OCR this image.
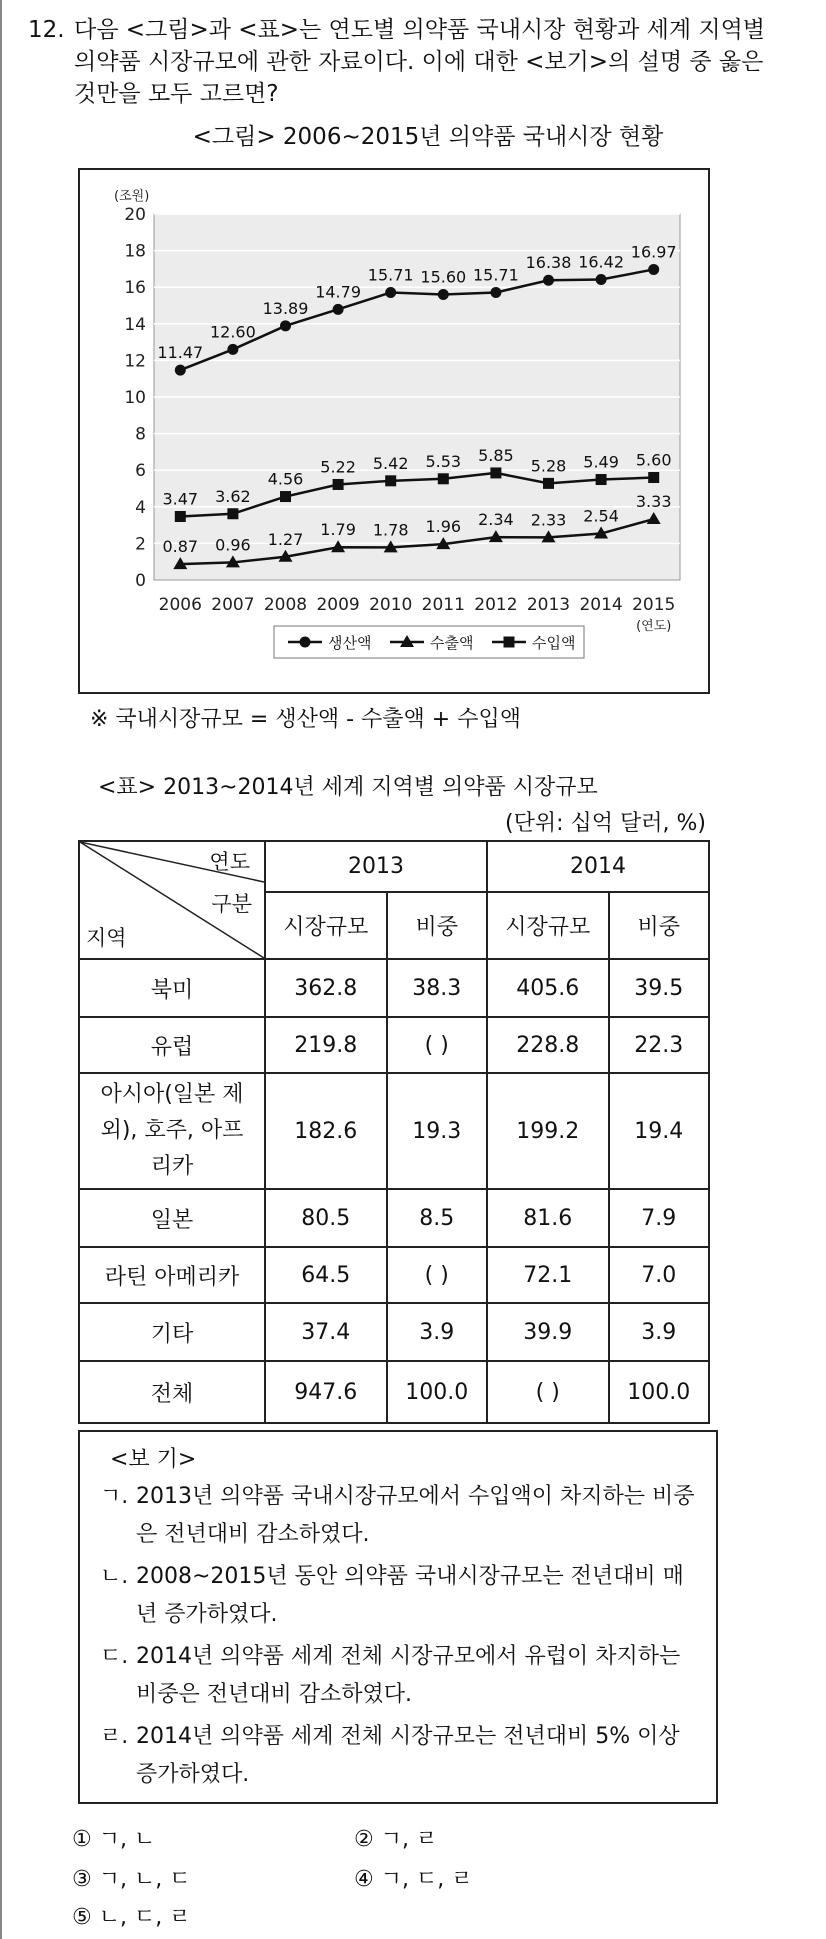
12. 다음 <그림>과 <표>는 연도별 의약품 국내시장 현황과 세계 지역별 의약품 시장규모에 관한 자료이다. 이에 대한 <보기>의 설명 중 옳은 것만을 모두 고르면?
<그림> 2006~2015년 의약품 국내시장 현황
0
2
4
6
8
10
12
14
16
18
20
(조원)
2006 2007 2008 2009 2010 2011 2012 2013 2014 2015
(연도)
11.47
12.60
13.89
14.79
15.71 15.60 15.71
16.38 16.42
16.97
0.87 0.96 1.27
1.79 1.78 1.96 2.34 2.33 2.54
3.33
3.47 3.62
4.56
5.22 5.42 5.53 5.85
5.28 5.49 5.60
생산액	수출액	수입액
※ 국내시장규모 = 생산액 - 수출액 + 수입액
<표> 2013~2014년 세계 지역별 의약품 시장규모
(단위: 십억 달러, %)
연도
구분
지역	2013		2014	
	시장규모	비중	시장규모	비중
북미	362.8	38.3	405.6	39.5
유럽	219.8	( )	228.8	22.3
아시아(일본 제외), 호주, 아프리카	182.6	19.3	199.2	19.4
일본	80.5	8.5	81.6	7.9
라틴 아메리카	64.5	( )	72.1	7.0
기타	37.4	3.9	39.9	3.9
전체	947.6	100.0	( )	100.0
<보 기>
ㄱ. 2013년 의약품 국내시장규모에서 수입액이 차지하는 비중은 전년대비 감소하였다.
ㄴ. 2008~2015년 동안 의약품 국내시장규모는 전년대비 매년 증가하였다.
ㄷ. 2014년 의약품 세계 전체 시장규모에서 유럽이 차지하는 비중은 전년대비 감소하였다.
ㄹ. 2014년 의약품 세계 전체 시장규모는 전년대비 5% 이상 증가하였다.
① ㄱ, ㄴ	② ㄱ, ㄹ
③ ㄱ, ㄴ, ㄷ	④ ㄱ, ㄷ, ㄹ
⑤ ㄴ, ㄷ, ㄹ
